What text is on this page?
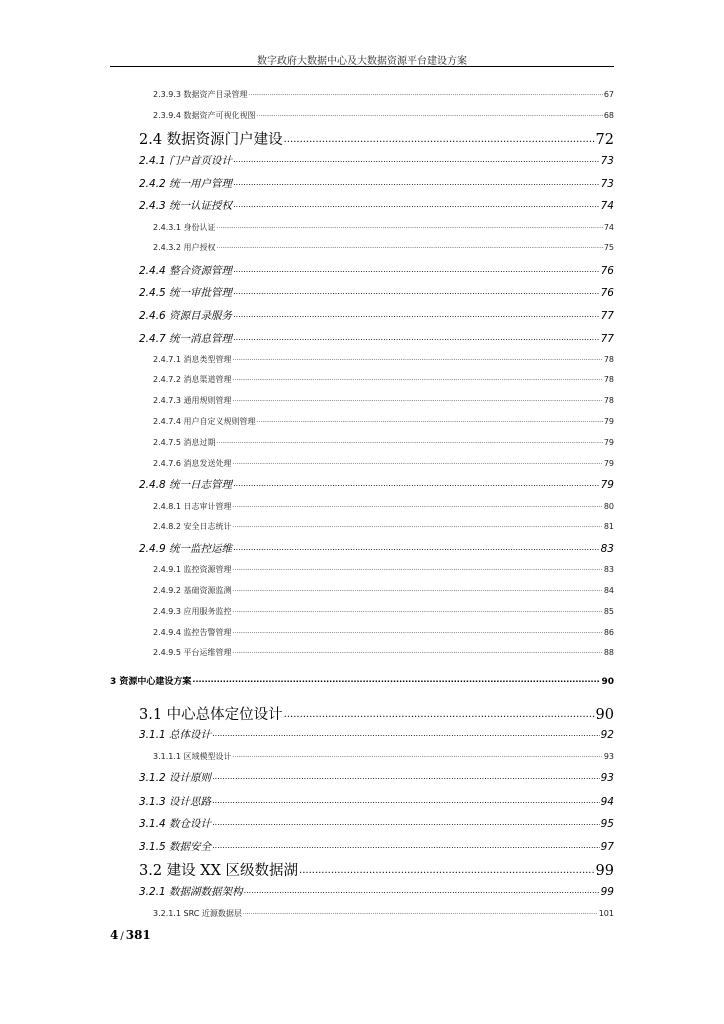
数字政府大数据中心及大数据资源平台建设方案
2.3.9.3 数据资产目录管理 .....	67
2.3.9.4 数据资产可视化视图 .....	68
2.4 数据资源门户建设 .....	72
2.4.1 门户首页设计 .....	73
2.4.2 统一用户管理 .....	73
2.4.3 统一认证授权 .....	74
2.4.3.1 身份认证 .....	74
2.4.3.2 用户授权 .....	75
2.4.4 整合资源管理 .....	76
2.4.5 统一审批管理 .....	76
2.4.6 资源目录服务 .....	77
2.4.7 统一消息管理 .....	77
2.4.7.1 消息类型管理 .....	78
2.4.7.2 消息渠道管理 .....	78
2.4.7.3 通用规则管理 .....	78
2.4.7.4 用户自定义规则管理 .....	79
2.4.7.5 消息过期 .....	79
2.4.7.6 消息发送处理 .....	79
2.4.8 统一日志管理 .....	79
2.4.8.1 日志审计管理 .....	80
2.4.8.2 安全日志统计 .....	81
2.4.9 统一监控运维 .....	83
2.4.9.1 监控资源管理 .....	83
2.4.9.2 基础资源监测 .....	84
2.4.9.3 应用服务监控 .....	85
2.4.9.4 监控告警管理 .....	86
2.4.9.5 平台运维管理 .....	88
3 资源中心建设方案 .....	90
3.1 中心总体定位设计 .....	90
3.1.1 总体设计 .....	92
3.1.1.1 区域模型设计 .....	93
3.1.2 设计原则 .....	93
3.1.3 设计思路 .....	94
3.1.4 数仓设计 .....	95
3.1.5 数据安全 .....	97
3.2 建设 XX 区级数据湖 .....	99
3.2.1 数据湖数据架构 .....	99
3.2.1.1 SRC 近源数据层 .....	101
4 / 381
